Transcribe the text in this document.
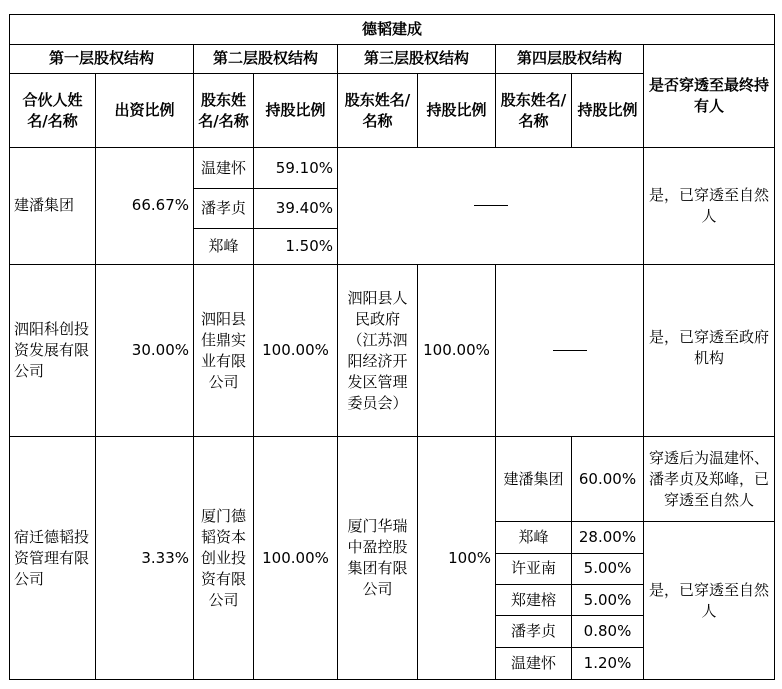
德韬建成								
第一层股权结构		第二层股权结构		第三层股权结构		第四层股权结构		是否穿透至最终持有人
合伙人姓名/名称	出资比例	股东姓名/名称	持股比例	股东姓名/名称	持股比例	股东姓名/名称	持股比例	
建潘集团	66.67%	温建怀	59.10%					是，已穿透至自然人
		潘孝贞	39.40%					
		郑峰	1.50%					
泗阳科创投资发展有限公司	30.00%	泗阳县佳鼎实业有限公司	100.00%	泗阳县人民政府（江苏泗阳经济开发区管理委员会）	100.00%			是，已穿透至政府机构
宿迁德韬投资管理有限公司	3.33%	厦门德韬资本创业投资有限公司	100.00%	厦门华瑞中盈控股集团有限公司	100%	建潘集团	60.00%	穿透后为温建怀、潘孝贞及郑峰，已穿透至自然人
						郑峰	28.00%	是，已穿透至自然人
						许亚南	5.00%	
						郑建榕	5.00%	
						潘孝贞	0.80%	
						温建怀	1.20%	
